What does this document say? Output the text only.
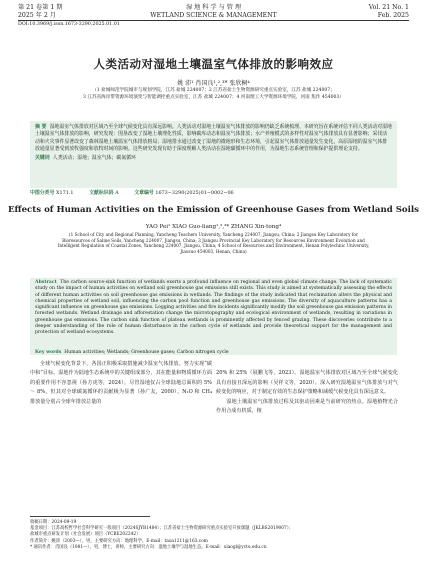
第 21 卷第 1 期	湿 地 科 学 与 管 理	Vol. 21 No. 1
2025 年 2 月	WETLAND SCIENCE & MANAGEMENT	Feb. 2025
DOI:10.3969/j.issn.1673-3290.2025.01.01
人类活动对湿地土壤温室气体排放的影响效应
姚 沛¹ 肖国良¹,²,³* 张欣桐⁴
（1 盐城师范学院城市与规划学院，江苏 盐城 224007；2 江苏省盐土生物资源研究重点实验室，江苏 盐城 224007；
3 江苏省海岸带资源环境演变与智能调控重点实验室，江苏 盐城 224007；4 河南理工大学资源环境学院，河南 焦作 454003）
摘 要 湿地温室气体排放对区域乃至全球气候变化具有深远影响。人类活动对湿地土壤温室气体排放的影响仍缺乏系统梳理。本研究旨在系统评估不同人类活动对湿地土壤温室气体排放的影响，研究发现：围垦改变了湿地土壤理化性质，影响碳库动态和温室气体排放；水产养殖模式的多样性对温室气体排放具有显著影响；采伐活动和火灾事件显著改变了森林湿地土壤温室气体排放格局；湿地排水通过改变了湿地的微地形和生态环境，引起温室气体排放通量发生变化。高原湿地的温室气体排放通量显著受到放牧强度和放牧时间的影响。这些研究发现有助于深度理解人类活动在湿地碳循环中的作用，为湿地生态系统管理和保护提供理论支持。
关键词 人类活动；湿地；温室气体；碳氮循环
中图分类号 X171.1	文献标识码 A	文章编号 1673−3290(2025)01−0002−06
Effects of Human Activities on the Emission of Greenhouse Gases from Wetland Soils
YAO Pei¹ XIAO Guo-liang¹,²,³* ZHANG Xin-tong⁴
(1 School of City and Regional Planning, Yancheng Teachers University, Yancheng 224007, Jiangsu, China; 2 Jiangsu Key Laboratory for
Bioresources of Saline Soils, Yancheng 224007, Jiangsu, China; 3 Jiangsu Provincial Key Laboratory for Resources Environment Evolution and
Intelligent Regulation of Coastal Zones, Yancheng 224007, Jiangsu, China; 4 School of Resources and Environment, Henan Polytechnic University,
Jiaozuo 454003, Henan, China)
Abstract The carbon source-sink function of wetlands exerts a profound influence on regional and even global climate change. The lack of systematic study on the impact of human activities on wetland soil greenhouse gas emissions still exists. This study is aimed at systematically assessing the effects of different human activities on soil greenhouse gas emissions in wetlands. The findings of the study indicated that reclamation alters the physical and chemical properties of wetland soil, influencing the carbon pool function and greenhouse gas emissions. The diversity of aquaculture patterns has a significant influence on greenhouse gas emissions. Logging activities and fire incidents significantly modify the soil greenhouse gas emission patterns in forested wetlands. Wetland drainage and afforestation change the microtopography and ecological environment of wetlands, resulting in variations in greenhouse gas emissions. The carbon sink function of plateau wetlands is prominently affected by fenced grazing. These discoveries contribute to a deeper understanding of the role of human disturbance in the carbon cycle of wetlands and provide theoretical support for the management and protection of wetland ecosystems.
Key words Human activities; Wetlands; Greenhouse gases; Carbon nitrogen cycle
全球气候变化背景下，各国正积极采取措施减少温室气体排放。努力实现“碳中和”目标。湿地作为陆地生态系统中的关键组成部分，其在能量和物质循环方面的重要作用不容忽视（孙方虎等，2024）。尽管湿地仅占全球陆地总面积的 5% ～ 8%，但其对全球碳氮循环的贡献极为显著（孙广友，2000）。N₂O 和 CH₄ 排放量分别占全球年排放总量的

20% 和 25%（展鹏飞等，2023）。湿地温室气体排放对区域乃至全球气候变化具有直接且深远的影响（吴祥文等，2020）。深入研究湿地温室气体排放与对气候变化的响应，对于制定有效的生态保护策略和减缓气候变化具有深远意义。
　　湿地土壤温室气体排放过程及其驱动因素是当前研究的热点。湿地植物光合作用合成有机质，植

收稿日期：2024-09-19
基金项目：江苏高校哲学社会科学研究一般项目（2024SJYB1484）；江苏省盐土生物资源研究重点实验室开放课题（JKLBS2019007）；
盐城市重点研发计划（社会发展）项目（YCBE202242）
作者简介：姚沛（2003—），男，主要研究方向：地理科学。E-mail：taoa1211@163.com
* 通讯作者：肖国良（1981—），男，博士，讲师，主要研究方向：湿地土壤学与湿地生态。E-mail：xiaogl@yctu.edu.cn
